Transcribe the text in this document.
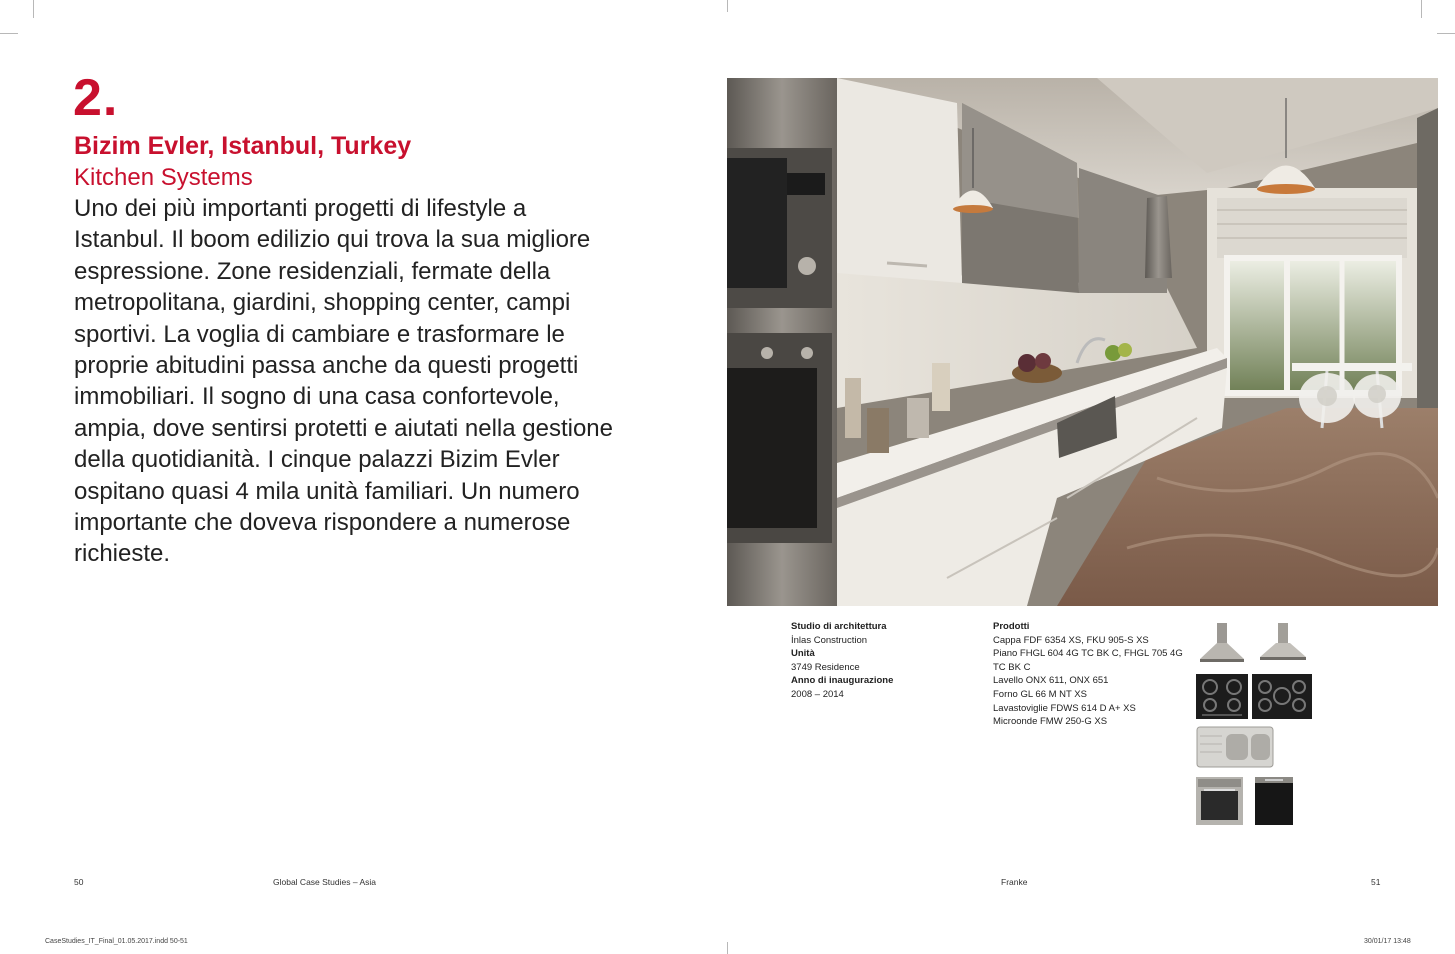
2.
Bizim Evler, Istanbul, Turkey
Kitchen Systems

Uno dei più importanti progetti di lifestyle a
Istanbul. Il boom edilizio qui trova la sua migliore
espressione. Zone residenziali, fermate della
metropolitana, giardini, shopping center, campi
sportivi. La voglia di cambiare e trasformare le
proprie abitudini passa anche da questi progetti
immobiliari. Il sogno di una casa confortevole,
ampia, dove sentirsi protetti e aiutati nella gestione
della quotidianità. I cinque palazzi Bizim Evler
ospitano quasi 4 mila unità familiari. Un numero
importante che doveva rispondere a numerose
richieste.

Studio di architettura
İnlas Construction
Unità
3749 Residence
Anno di inaugurazione
2008 – 2014
Prodotti
Cappa FDF 6354 XS, FKU 905-S XS
Piano FHGL 604 4G TC BK C, FHGL 705 4G
TC BK C
Lavello ONX 611, ONX 651
Forno GL 66 M NT XS
Lavastoviglie FDWS 614 D A+ XS
Microonde FMW 250-G XS
50	Global Case Studies – Asia	Franke	51
CaseStudies_IT_Final_01.05.2017.indd 50-51	30/01/17 13:48
